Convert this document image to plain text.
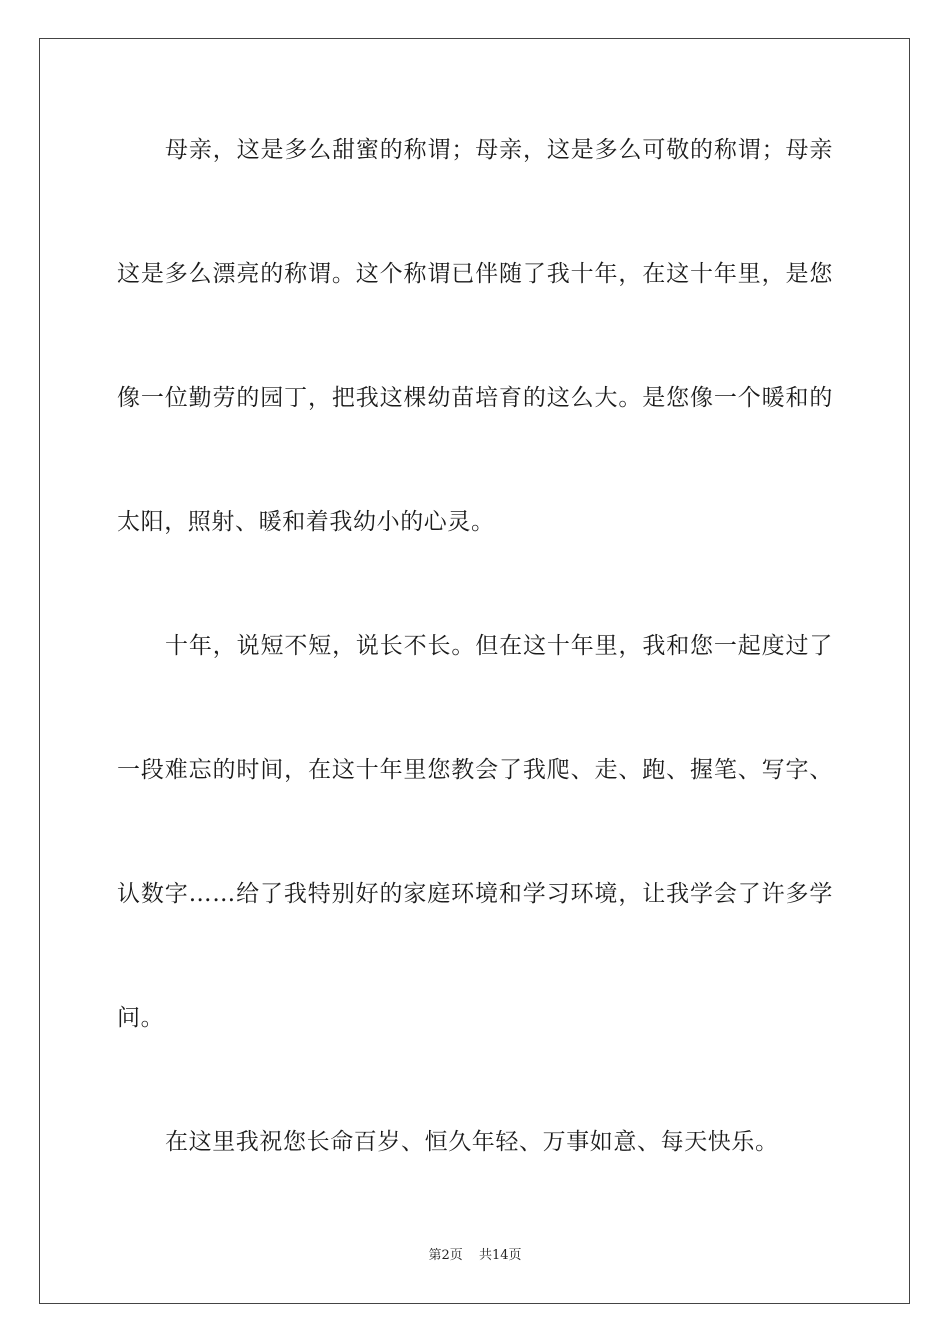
母亲，这是多么甜蜜的称谓；母亲，这是多么可敬的称谓；母亲
这是多么漂亮的称谓。这个称谓已伴随了我十年，在这十年里，是您
像一位勤劳的园丁，把我这棵幼苗培育的这么大。是您像一个暖和的
太阳，照射、暖和着我幼小的心灵。
十年，说短不短，说长不长。但在这十年里，我和您一起度过了
一段难忘的时间，在这十年里您教会了我爬、走、跑、握笔、写字、
认数字……给了我特别好的家庭环境和学习环境，让我学会了许多学
问。
在这里我祝您长命百岁、恒久年轻、万事如意、每天快乐。
第2页 共14页
